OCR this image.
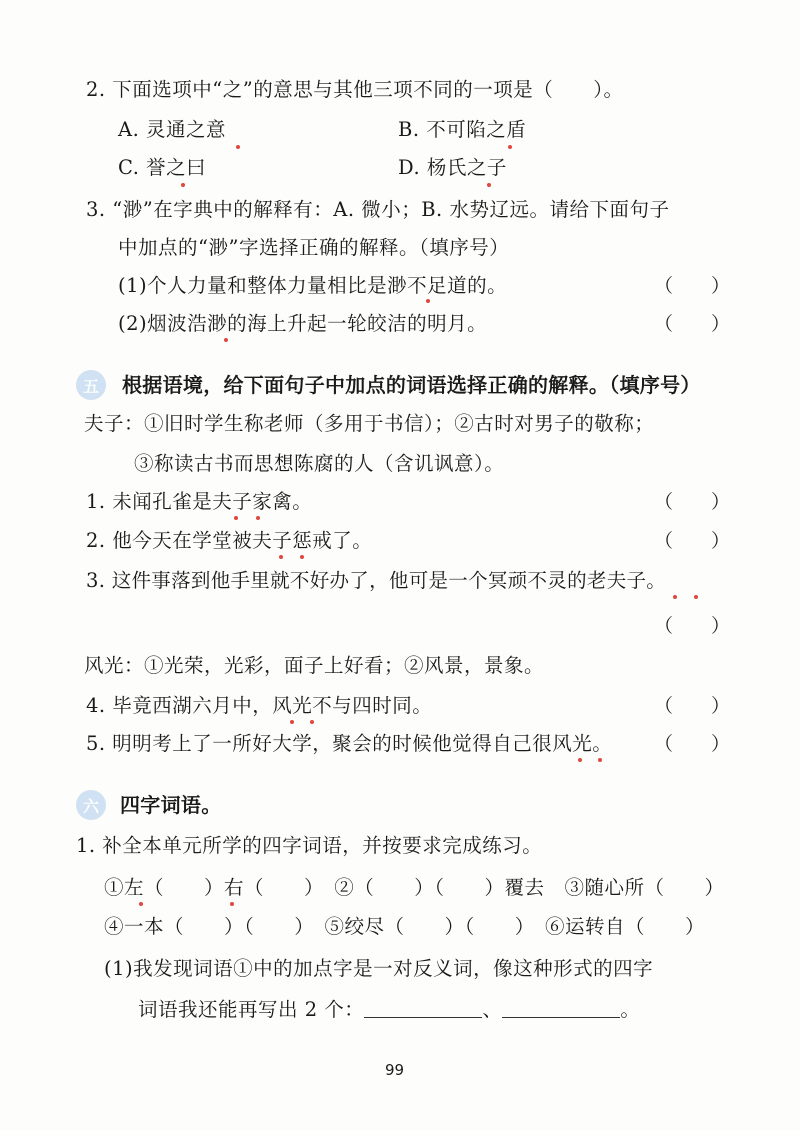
2. 下面选项中“之”的意思与其他三项不同的一项是（　　）。
A. 灵通之意	B. 不可陷之盾
C. 誉之曰	D. 杨氏之子
3. “渺”在字典中的解释有：A. 微小；B. 水势辽远。请给下面句子
中加点的“渺”字选择正确的解释。（填序号）
(1)个人力量和整体力量相比是渺不足道的。	（　　）
(2)烟波浩渺的海上升起一轮皎洁的明月。	（　　）
五	根据语境，给下面句子中加点的词语选择正确的解释。（填序号）
夫子：①旧时学生称老师（多用于书信）；②古时对男子的敬称；
③称读古书而思想陈腐的人（含讥讽意）。
1. 未闻孔雀是夫子家禽。	（　　）
2. 他今天在学堂被夫子惩戒了。	（　　）
3. 这件事落到他手里就不好办了，他可是一个冥顽不灵的老夫子。
（　　）
风光：①光荣，光彩，面子上好看；②风景，景象。
4. 毕竟西湖六月中，风光不与四时同。	（　　）
5. 明明考上了一所好大学，聚会的时候他觉得自己很风光。 （　　）
六	四字词语。
1. 补全本单元所学的四字词语，并按要求完成练习。
①左（　　）右（　　）　②（　　）（　　）覆去　③随心所（　　）
④一本（　　）（　　）　⑤绞尽（　　）（　　）　⑥运转自（　　）
(1)我发现词语①中的加点字是一对反义词，像这种形式的四字
词语我还能再写出 2 个：	、	。
99
